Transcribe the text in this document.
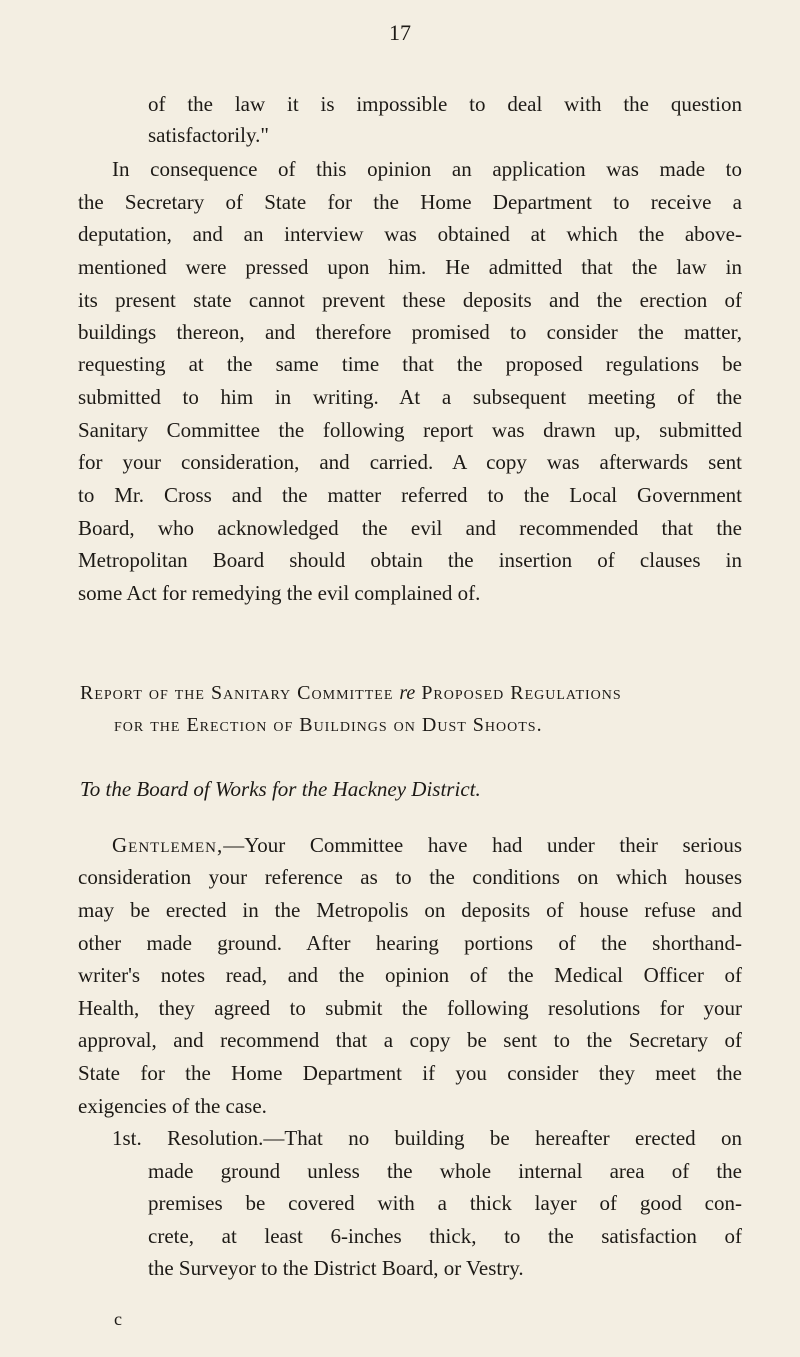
17
of the law it is impossible to deal with the question
satisfactorily."
In consequence of this opinion an application was made to
the Secretary of State for the Home Department to receive a
deputation, and an interview was obtained at which the above-
mentioned were pressed upon him. He admitted that the law in
its present state cannot prevent these deposits and the erection of
buildings thereon, and therefore promised to consider the matter,
requesting at the same time that the proposed regulations be
submitted to him in writing. At a subsequent meeting of the
Sanitary Committee the following report was drawn up, submitted
for your consideration, and carried. A copy was afterwards sent
to Mr. Cross and the matter referred to the Local Government
Board, who acknowledged the evil and recommended that the
Metropolitan Board should obtain the insertion of clauses in
some Act for remedying the evil complained of.
Report of the Sanitary Committee re Proposed Regulations
for the Erection of Buildings on Dust Shoots.
To the Board of Works for the Hackney District.
Gentlemen,—Your Committee have had under their serious
consideration your reference as to the conditions on which houses
may be erected in the Metropolis on deposits of house refuse and
other made ground. After hearing portions of the shorthand-
writer's notes read, and the opinion of the Medical Officer of
Health, they agreed to submit the following resolutions for your
approval, and recommend that a copy be sent to the Secretary of
State for the Home Department if you consider they meet the
exigencies of the case.
1st. Resolution.—That no building be hereafter erected on
made ground unless the whole internal area of the
premises be covered with a thick layer of good con-
crete, at least 6-inches thick, to the satisfaction of
the Surveyor to the District Board, or Vestry.
c
